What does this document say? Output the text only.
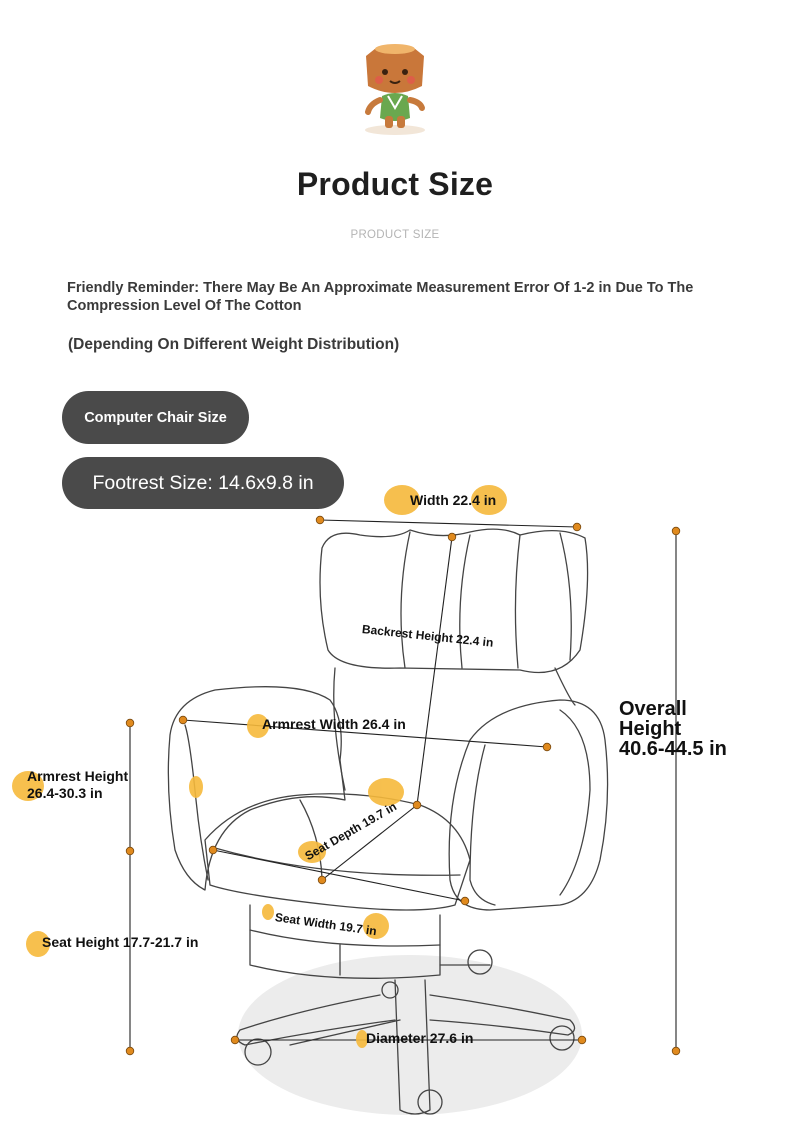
Product Size
PRODUCT SIZE
Friendly Reminder: There May Be An Approximate Measurement Error Of 1-2 in Due To The Compression Level Of The Cotton
(Depending On Different Weight Distribution)
Computer Chair Size
Footrest Size: 14.6x9.8 in
Width 22.4 in
Backrest Height 22.4 in
Armrest Width 26.4 in
Armrest Height
26.4-30.3 in
Seat Depth 19.7 in
Seat Width 19.7 in
Seat Height 17.7-21.7 in
Diameter 27.6 in
Overall
Height
40.6-44.5 in
